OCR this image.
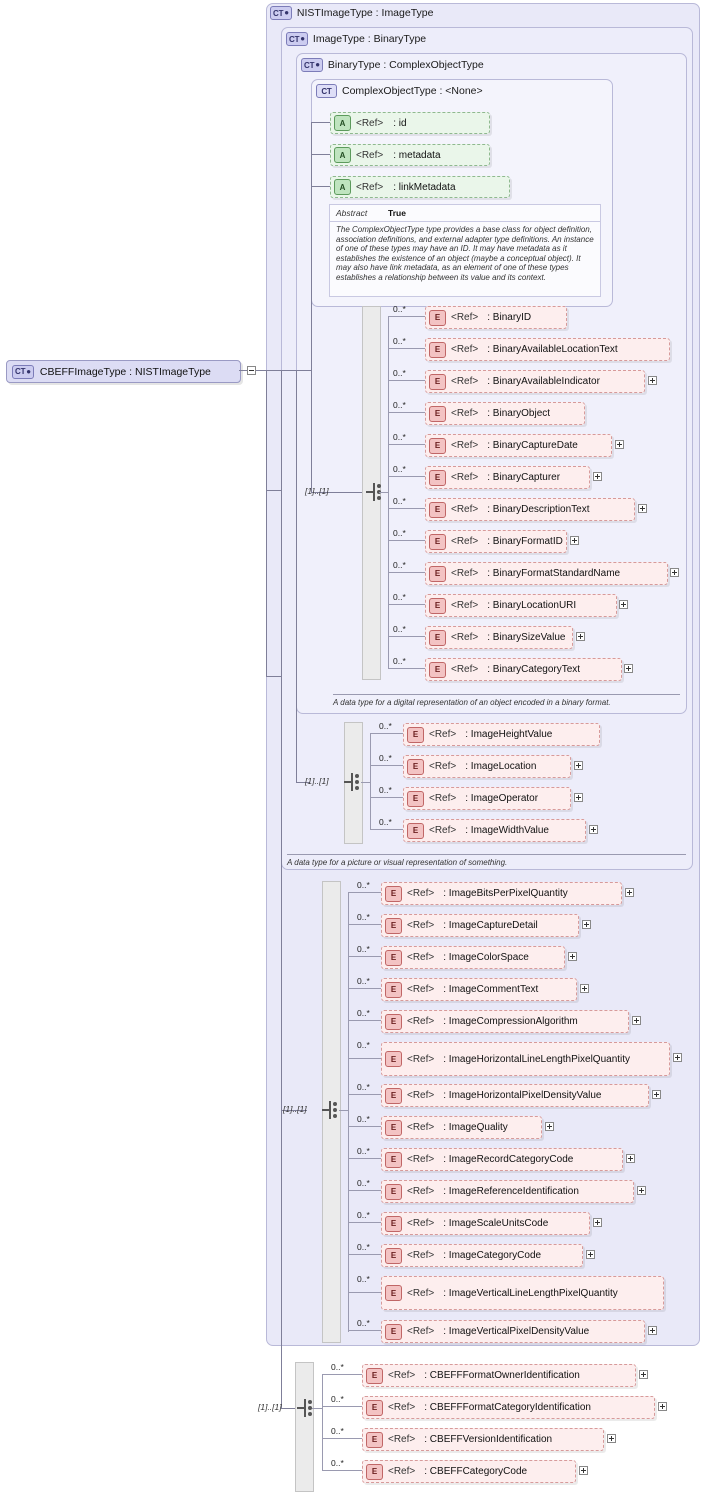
CT ● NISTImageType : ImageType
CT ● ImageType : BinaryType
CT ● BinaryType : ComplexObjectType
CT ComplexObjectType : <None>
CT ● CBEFFImageType : NISTImageType
A	<Ref> : id
A	<Ref> : metadata
A	<Ref> : linkMetadata
Abstract True
The ComplexObjectType type provides a base class for object definition, association definitions, and external adapter type definitions. An instance of one of these types may have an ID. It may have metadata as it establishes the existence of an object (maybe a conceptual object). It may also have link metadata, as an element of one of these types establishes a relationship between its value and its context.
[1]..[1]
0..*
E	<Ref> : BinaryID
0..*
E	<Ref> : BinaryAvailableLocationText
0..*
E	<Ref> : BinaryAvailableIndicator
0..*
E	<Ref> : BinaryObject
0..*
E	<Ref> : BinaryCaptureDate
0..*
E	<Ref> : BinaryCapturer
0..*
E	<Ref> : BinaryDescriptionText
0..*
E	<Ref> : BinaryFormatID
0..*
E	<Ref> : BinaryFormatStandardName
0..*
E	<Ref> : BinaryLocationURI
0..*
E	<Ref> : BinarySizeValue
0..*
E	<Ref> : BinaryCategoryText
A data type for a digital representation of an object encoded in a binary format.
[1]..[1]
0..*
E	<Ref> : ImageHeightValue
0..*
E	<Ref> : ImageLocation
0..*
E	<Ref> : ImageOperator
0..*
E	<Ref> : ImageWidthValue
A data type for a picture or visual representation of something.
[1]..[1]
0..*
E	<Ref> : ImageBitsPerPixelQuantity
0..*
E	<Ref> : ImageCaptureDetail
0..*
E	<Ref> : ImageColorSpace
0..*
E	<Ref> : ImageCommentText
0..*
E	<Ref> : ImageCompressionAlgorithm
0..*
E	<Ref> : ImageHorizontalLineLengthPixelQuantity
0..*
E	<Ref> : ImageHorizontalPixelDensityValue
0..*
E	<Ref> : ImageQuality
0..*
E	<Ref> : ImageRecordCategoryCode
0..*
E	<Ref> : ImageReferenceIdentification
0..*
E	<Ref> : ImageScaleUnitsCode
0..*
E	<Ref> : ImageCategoryCode
0..*
E	<Ref> : ImageVerticalLineLengthPixelQuantity
0..*
E	<Ref> : ImageVerticalPixelDensityValue
[1]..[1]
0..*
E	<Ref> : CBEFFFormatOwnerIdentification
0..*
E	<Ref> : CBEFFFormatCategoryIdentification
0..*
E	<Ref> : CBEFFVersionIdentification
0..*
E	<Ref> : CBEFFCategoryCode
